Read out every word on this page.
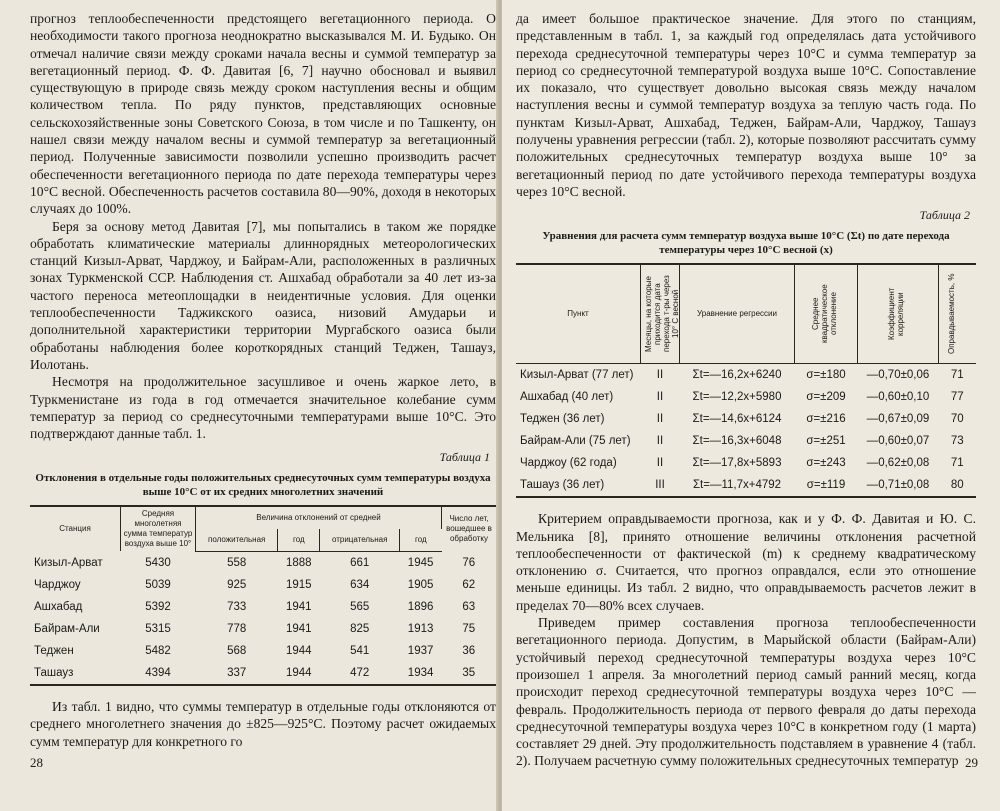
прогноз теплообеспеченности предстоящего вегетационного периода. О необходимости такого прогноза неоднократно высказывался М. И. Будыко. Он отмечал наличие связи между сроками начала весны и суммой температур за вегетационный период. Ф. Ф. Давитая [6, 7] научно обосновал и выявил существующую в природе связь между сроком наступления весны и общим количеством тепла. По ряду пунктов, представляющих основные сельскохозяйственные зоны Советского Союза, в том числе и по Ташкенту, он нашел связи между началом весны и суммой температур за вегетационный период. Полученные зависимости позволили успешно производить расчет обеспеченности вегетационного периода по дате перехода температуры через 10°С весной. Обеспеченность расчетов составила 80—90%, доходя в некоторых случаях до 100%.

Беря за основу метод Давитая [7], мы попытались в таком же порядке обработать климатические материалы длиннорядных метеорологических станций Кизыл-Арват, Чарджоу, и Байрам-Али, расположенных в различных зонах Туркменской ССР. Наблюдения ст. Ашхабад обработали за 40 лет из-за частого переноса метеоплощадки в неидентичные условия. Для оценки теплообеспеченности Таджикского оазиса, низовий Амударьи и дополнительной характеристики территории Мургабского оазиса были обработаны наблюдения более короткорядных станций Теджен, Ташауз, Иолотань.

Несмотря на продолжительное засушливое и очень жаркое лето, в Туркменистане из года в год отмечается значительное колебание сумм температур за период со среднесуточными температурами выше 10°С. Это подтверждают данные табл. 1.

Таблица 1
Отклонения в отдельные годы положительных среднесуточных сумм температуры воздуха выше 10°С от их средних многолетних значений
Станция	Средняя многолетняя сумма температур воздуха выше 10°	Величина отклонений от средней				Число лет, вошедшее в обработку
		положительная	год	отрицательная	год	
Кизыл-Арват	5430	558	1888	661	1945	76
Чарджоу	5039	925	1915	634	1905	62
Ашхабад	5392	733	1941	565	1896	63
Байрам-Али	5315	778	1941	825	1913	75
Теджен	5482	568	1944	541	1937	36
Ташауз	4394	337	1944	472	1934	35

Из табл. 1 видно, что суммы температур в отдельные годы отклоняются от среднего многолетнего значения до ±825—925°С. Поэтому расчет ожидаемых сумм температур для конкретного го

28

да имеет большое практическое значение. Для этого по станциям, представленным в табл. 1, за каждый год определялась дата устойчивого перехода среднесуточной температуры через 10°С и сумма температур за период со среднесуточной температурой воздуха выше 10°С. Сопоставление их показало, что существует довольно высокая связь между началом наступления весны и суммой температур воздуха за теплую часть года. По пунктам Кизыл-Арват, Ашхабад, Теджен, Байрам-Али, Чарджоу, Ташауз получены уравнения регрессии (табл. 2), которые позволяют рассчитать сумму положительных среднесуточных температур воздуха выше 10° за вегетационный период по дате устойчивого перехода температуры воздуха через 10°С весной.

Таблица 2
Уравнения для расчета сумм температур воздуха выше 10°С (Σt) по дате перехода температуры через 10°С весной (x)
Пункт	Месяцы, на которые приходится дата перехода т-ры через 10° С весной	Уравнение регрессии	Среднее квадратическое отклонение	Коэффициент корреляции	Оправдываемость, %

Кизыл-Арват (77 лет)	II	Σt=—16,2x+6240	σ=±180	—0,70±0,06	71
Ашхабад (40 лет)	II	Σt=—12,2x+5980	σ=±209	—0,60±0,10	77
Теджен (36 лет)	II	Σt=—14,6x+6124	σ=±216	—0,67±0,09	70
Байрам-Али (75 лет)	II	Σt=—16,3x+6048	σ=±251	—0,60±0,07	73
Чарджоу (62 года)	II	Σt=—17,8x+5893	σ=±243	—0,62±0,08	71
Ташауз (36 лет)	III	Σt=—11,7x+4792	σ=±119	—0,71±0,08	80

Критерием оправдываемости прогноза, как и у Ф. Ф. Давитая и Ю. С. Мельника [8], принято отношение величины отклонения расчетной теплообеспеченности от фактической (m) к среднему квадратическому отклонению σ. Считается, что прогноз оправдался, если это отношение меньше единицы. Из табл. 2 видно, что оправдываемость расчетов лежит в пределах 70—80% всех случаев.

Приведем пример составления прогноза теплообеспеченности вегетационного периода. Допустим, в Марыйской области (Байрам-Али) устойчивый переход среднесуточной температуры воздуха через 10°С произошел 1 апреля. За многолетний период самый ранний месяц, когда происходит переход среднесуточной температуры воздуха через 10°С — февраль. Продолжительность периода от первого февраля до даты перехода среднесуточной температуры воздуха через 10°С в конкретном году (1 марта) составляет 29 дней. Эту продолжительность подставляем в уравнение 4 (табл. 2). Получаем расчетную сумму положительных среднесуточных температур 29
